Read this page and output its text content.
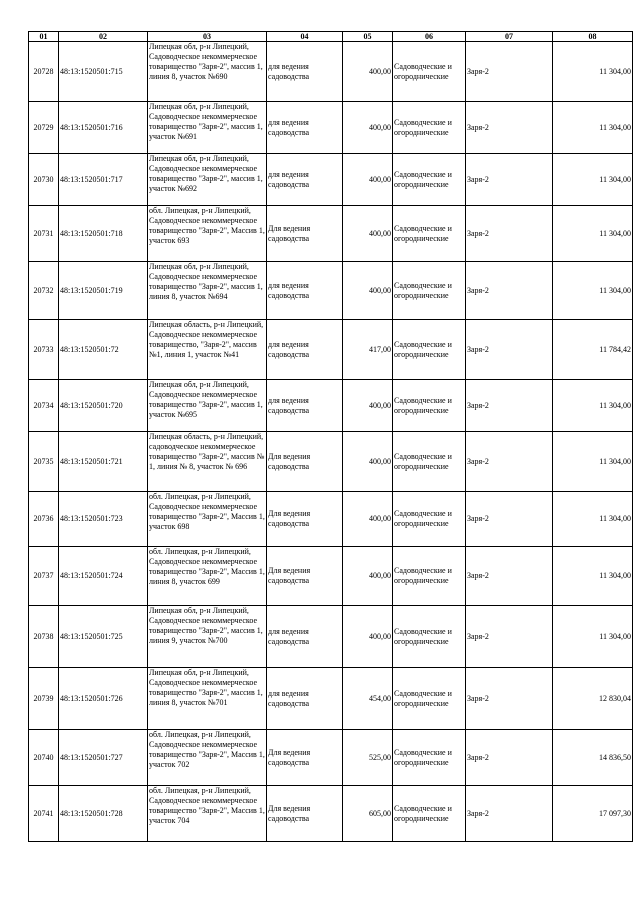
01	02	03	04	05	06	07	08
20728	48:13:1520501:715	Липецкая обл, р-н Липецкий, Садоводческое некоммерческое товарищество "Заря-2", массив 1, линия 8, участок №690	для ведения садоводства	400,00	Садоводческие и огороднические	Заря-2	11 304,00
20729	48:13:1520501:716	Липецкая обл, р-н Липецкий, Садоводческое некоммерческое товарищество "Заря-2", массив 1, участок №691	для ведения садоводства	400,00	Садоводческие и огороднические	Заря-2	11 304,00
20730	48:13:1520501:717	Липецкая обл, р-н Липецкий, Садоводческое некоммерческое товарищество "Заря-2", массив 1, участок №692	для ведения садоводства	400,00	Садоводческие и огороднические	Заря-2	11 304,00
20731	48:13:1520501:718	обл. Липецкая, р-н Липецкий, Садоводческое некоммерческое товарищество "Заря-2", Массив 1, участок 693	Для ведения садоводства	400,00	Садоводческие и огороднические	Заря-2	11 304,00
20732	48:13:1520501:719	Липецкая обл, р-н Липецкий, Садоводческое некоммерческое товарищество "Заря-2", массив 1, линия 8, участок №694	для ведения садоводства	400,00	Садоводческие и огороднические	Заря-2	11 304,00
20733	48:13:1520501:72	Липецкая область, р-н Липецкий, Садоводческое некоммерческое товарищество, "Заря-2", массив №1, линия 1, участок №41	для ведения садоводства	417,00	Садоводческие и огороднические	Заря-2	11 784,42
20734	48:13:1520501:720	Липецкая обл, р-н Липецкий, Садоводческое некоммерческое товарищество "Заря-2", массив 1, участок №695	для ведения садоводства	400,00	Садоводческие и огороднические	Заря-2	11 304,00
20735	48:13:1520501:721	Липецкая область, р-н Липецкий, садоводческое некоммерческое товарищество "Заря-2", массив № 1, линия № 8, участок № 696	Для ведения садоводства	400,00	Садоводческие и огороднические	Заря-2	11 304,00
20736	48:13:1520501:723	обл. Липецкая, р-н Липецкий, Садоводческое некоммерческое товарищество "Заря-2", Массив 1, участок 698	Для ведения садоводства	400,00	Садоводческие и огороднические	Заря-2	11 304,00
20737	48:13:1520501:724	обл. Липецкая, р-н Липецкий, Садоводческое некоммерческое товарищество "Заря-2", Массив 1, линия 8, участок 699	Для ведения садоводства	400,00	Садоводческие и огороднические	Заря-2	11 304,00
20738	48:13:1520501:725	Липецкая обл, р-н Липецкий, Садоводческое некоммерческое товарищество "Заря-2", массив 1, линия 9, участок №700	для ведения садоводства	400,00	Садоводческие и огороднические	Заря-2	11 304,00
20739	48:13:1520501:726	Липецкая обл, р-н Липецкий, Садоводческое некоммерческое товарищество "Заря-2", массив 1, линия 8, участок №701	для ведения садоводства	454,00	Садоводческие и огороднические	Заря-2	12 830,04
20740	48:13:1520501:727	обл. Липецкая, р-н Липецкий, Садоводческое некоммерческое товарищество "Заря-2", Массив 1, участок 702	Для ведения садоводства	525,00	Садоводческие и огороднические	Заря-2	14 836,50
20741	48:13:1520501:728	обл. Липецкая, р-н Липецкий, Садоводческое некоммерческое товарищество "Заря-2", Массив 1, участок 704	Для ведения садоводства	605,00	Садоводческие и огороднические	Заря-2	17 097,30
